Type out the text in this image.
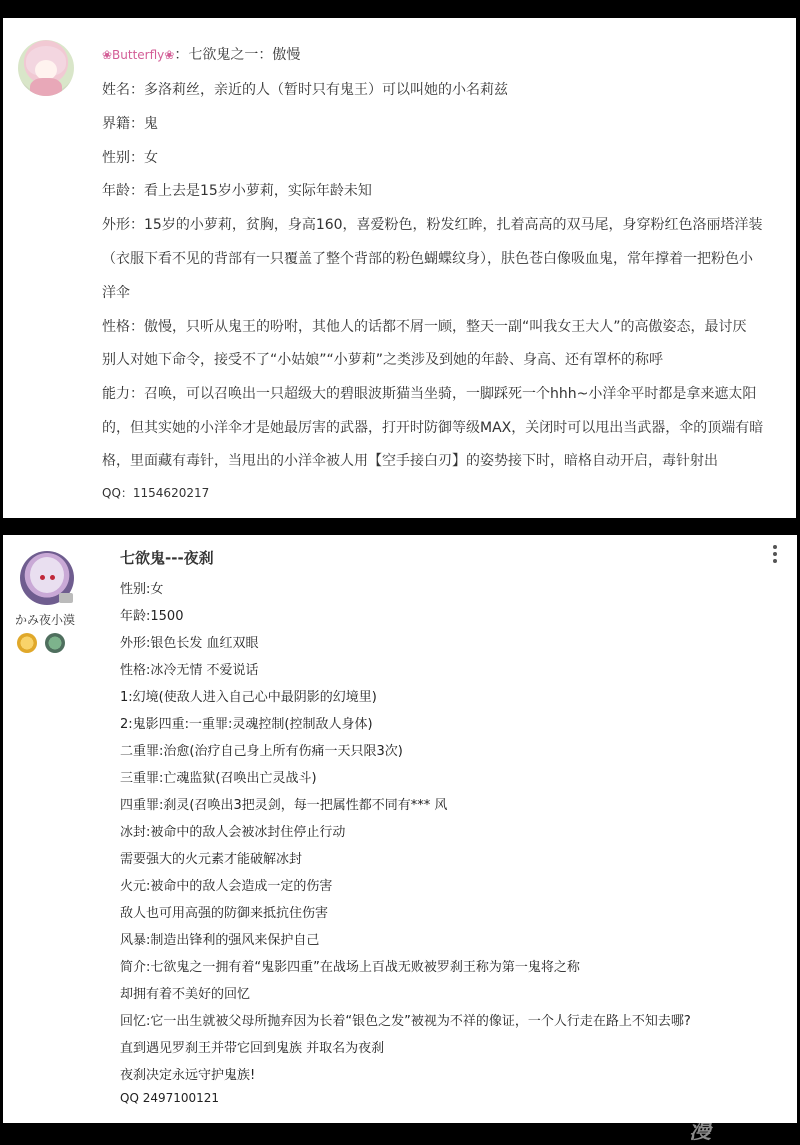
❀Butterfly❀：七欲鬼之一：傲慢
姓名：多洛莉丝，亲近的人（暂时只有鬼王）可以叫她的小名莉兹
界籍：鬼
性别：女
年龄：看上去是15岁小萝莉，实际年龄未知
外形：15岁的小萝莉，贫胸，身高160，喜爱粉色，粉发红眸，扎着高高的双马尾，身穿粉红色洛丽塔洋装
（衣服下看不见的背部有一只覆盖了整个背部的粉色蝴蝶纹身），肤色苍白像吸血鬼，常年撑着一把粉色小
洋伞
性格：傲慢，只听从鬼王的吩咐，其他人的话都不屑一顾，整天一副“叫我女王大人”的高傲姿态，最讨厌
别人对她下命令，接受不了“小姑娘”“小萝莉”之类涉及到她的年龄、身高、还有罩杯的称呼
能力：召唤，可以召唤出一只超级大的碧眼波斯猫当坐骑，一脚踩死一个hhh~小洋伞平时都是拿来遮太阳
的，但其实她的小洋伞才是她最厉害的武器，打开时防御等级MAX，关闭时可以甩出当武器，伞的顶端有暗
格，里面藏有毒针，当甩出的小洋伞被人用【空手接白刃】的姿势接下时，暗格自动开启，毒针射出
QQ：1154620217
かみ夜小漠
七欲鬼---夜刹
性别:女
年龄:1500
外形:银色长发 血红双眼
性格:冰冷无情 不爱说话
1:幻境(使敌人进入自己心中最阴影的幻境里)
2:鬼影四重:一重罪:灵魂控制(控制敌人身体)
二重罪:治愈(治疗自己身上所有伤痛一天只限3次)
三重罪:亡魂监狱(召唤出亡灵战斗)
四重罪:刹灵(召唤出3把灵剑，每一把属性都不同有*** 风
冰封:被命中的敌人会被冰封住停止行动
需要强大的火元素才能破解冰封
火元:被命中的敌人会造成一定的伤害
敌人也可用高强的防御来抵抗住伤害
风暴:制造出锋利的强风来保护自己
简介:七欲鬼之一拥有着“鬼影四重”在战场上百战无败被罗刹王称为第一鬼将之称
却拥有着不美好的回忆
回忆:它一出生就被父母所抛弃因为长着“银色之发”被视为不祥的像证，一个人行走在路上不知去哪?
直到遇见罗刹王并带它回到鬼族 并取名为夜刹
夜刹决定永远守护鬼族!
QQ 2497100121	腾讯动漫
